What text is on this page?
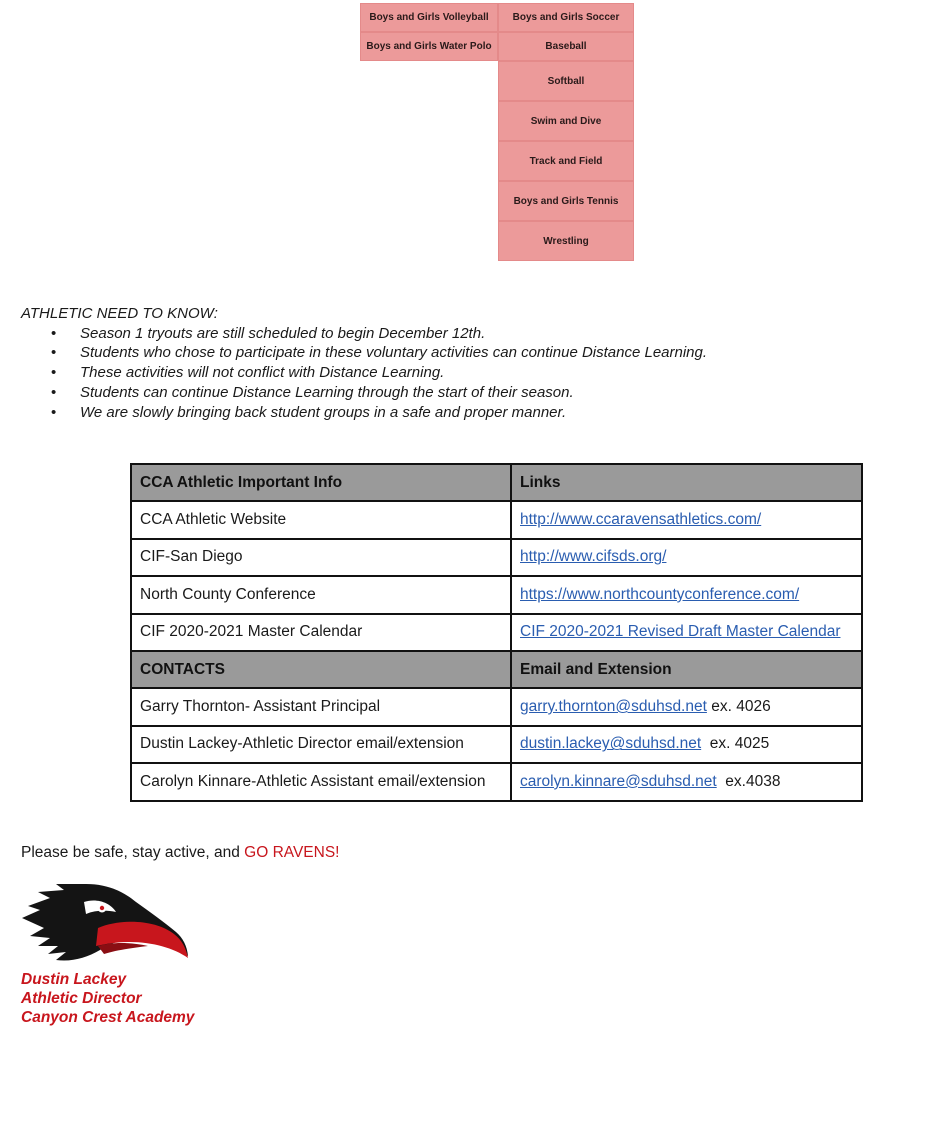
Boys and Girls Volleyball
Boys and Girls Water Polo
Boys and Girls Soccer
Baseball
Softball
Swim and Dive
Track and Field
Boys and Girls Tennis
Wrestling
ATHLETIC NEED TO KNOW:
• Season 1 tryouts are still scheduled to begin December 12th.
• Students who chose to participate in these voluntary activities can continue Distance Learning.
• These activities will not conflict with Distance Learning.
• Students can continue Distance Learning through the start of their season.
• We are slowly bringing back student groups in a safe and proper manner.
CCA Athletic Important Info	Links
CCA Athletic Website	http://www.ccaravensathletics.com/
CIF-San Diego	http://www.cifsds.org/
North County Conference	https://www.northcountyconference.com/
CIF 2020-2021 Master Calendar	CIF 2020-2021 Revised Draft Master Calendar
CONTACTS	Email and Extension
Garry Thornton- Assistant Principal	garry.thornton@sduhsd.net ex. 4026
Dustin Lackey-Athletic Director email/extension	dustin.lackey@sduhsd.net  ex. 4025
Carolyn Kinnare-Athletic Assistant email/extension	carolyn.kinnare@sduhsd.net  ex.4038
Please be safe, stay active, and GO RAVENS!
Dustin Lackey
Athletic Director
Canyon Crest Academy
